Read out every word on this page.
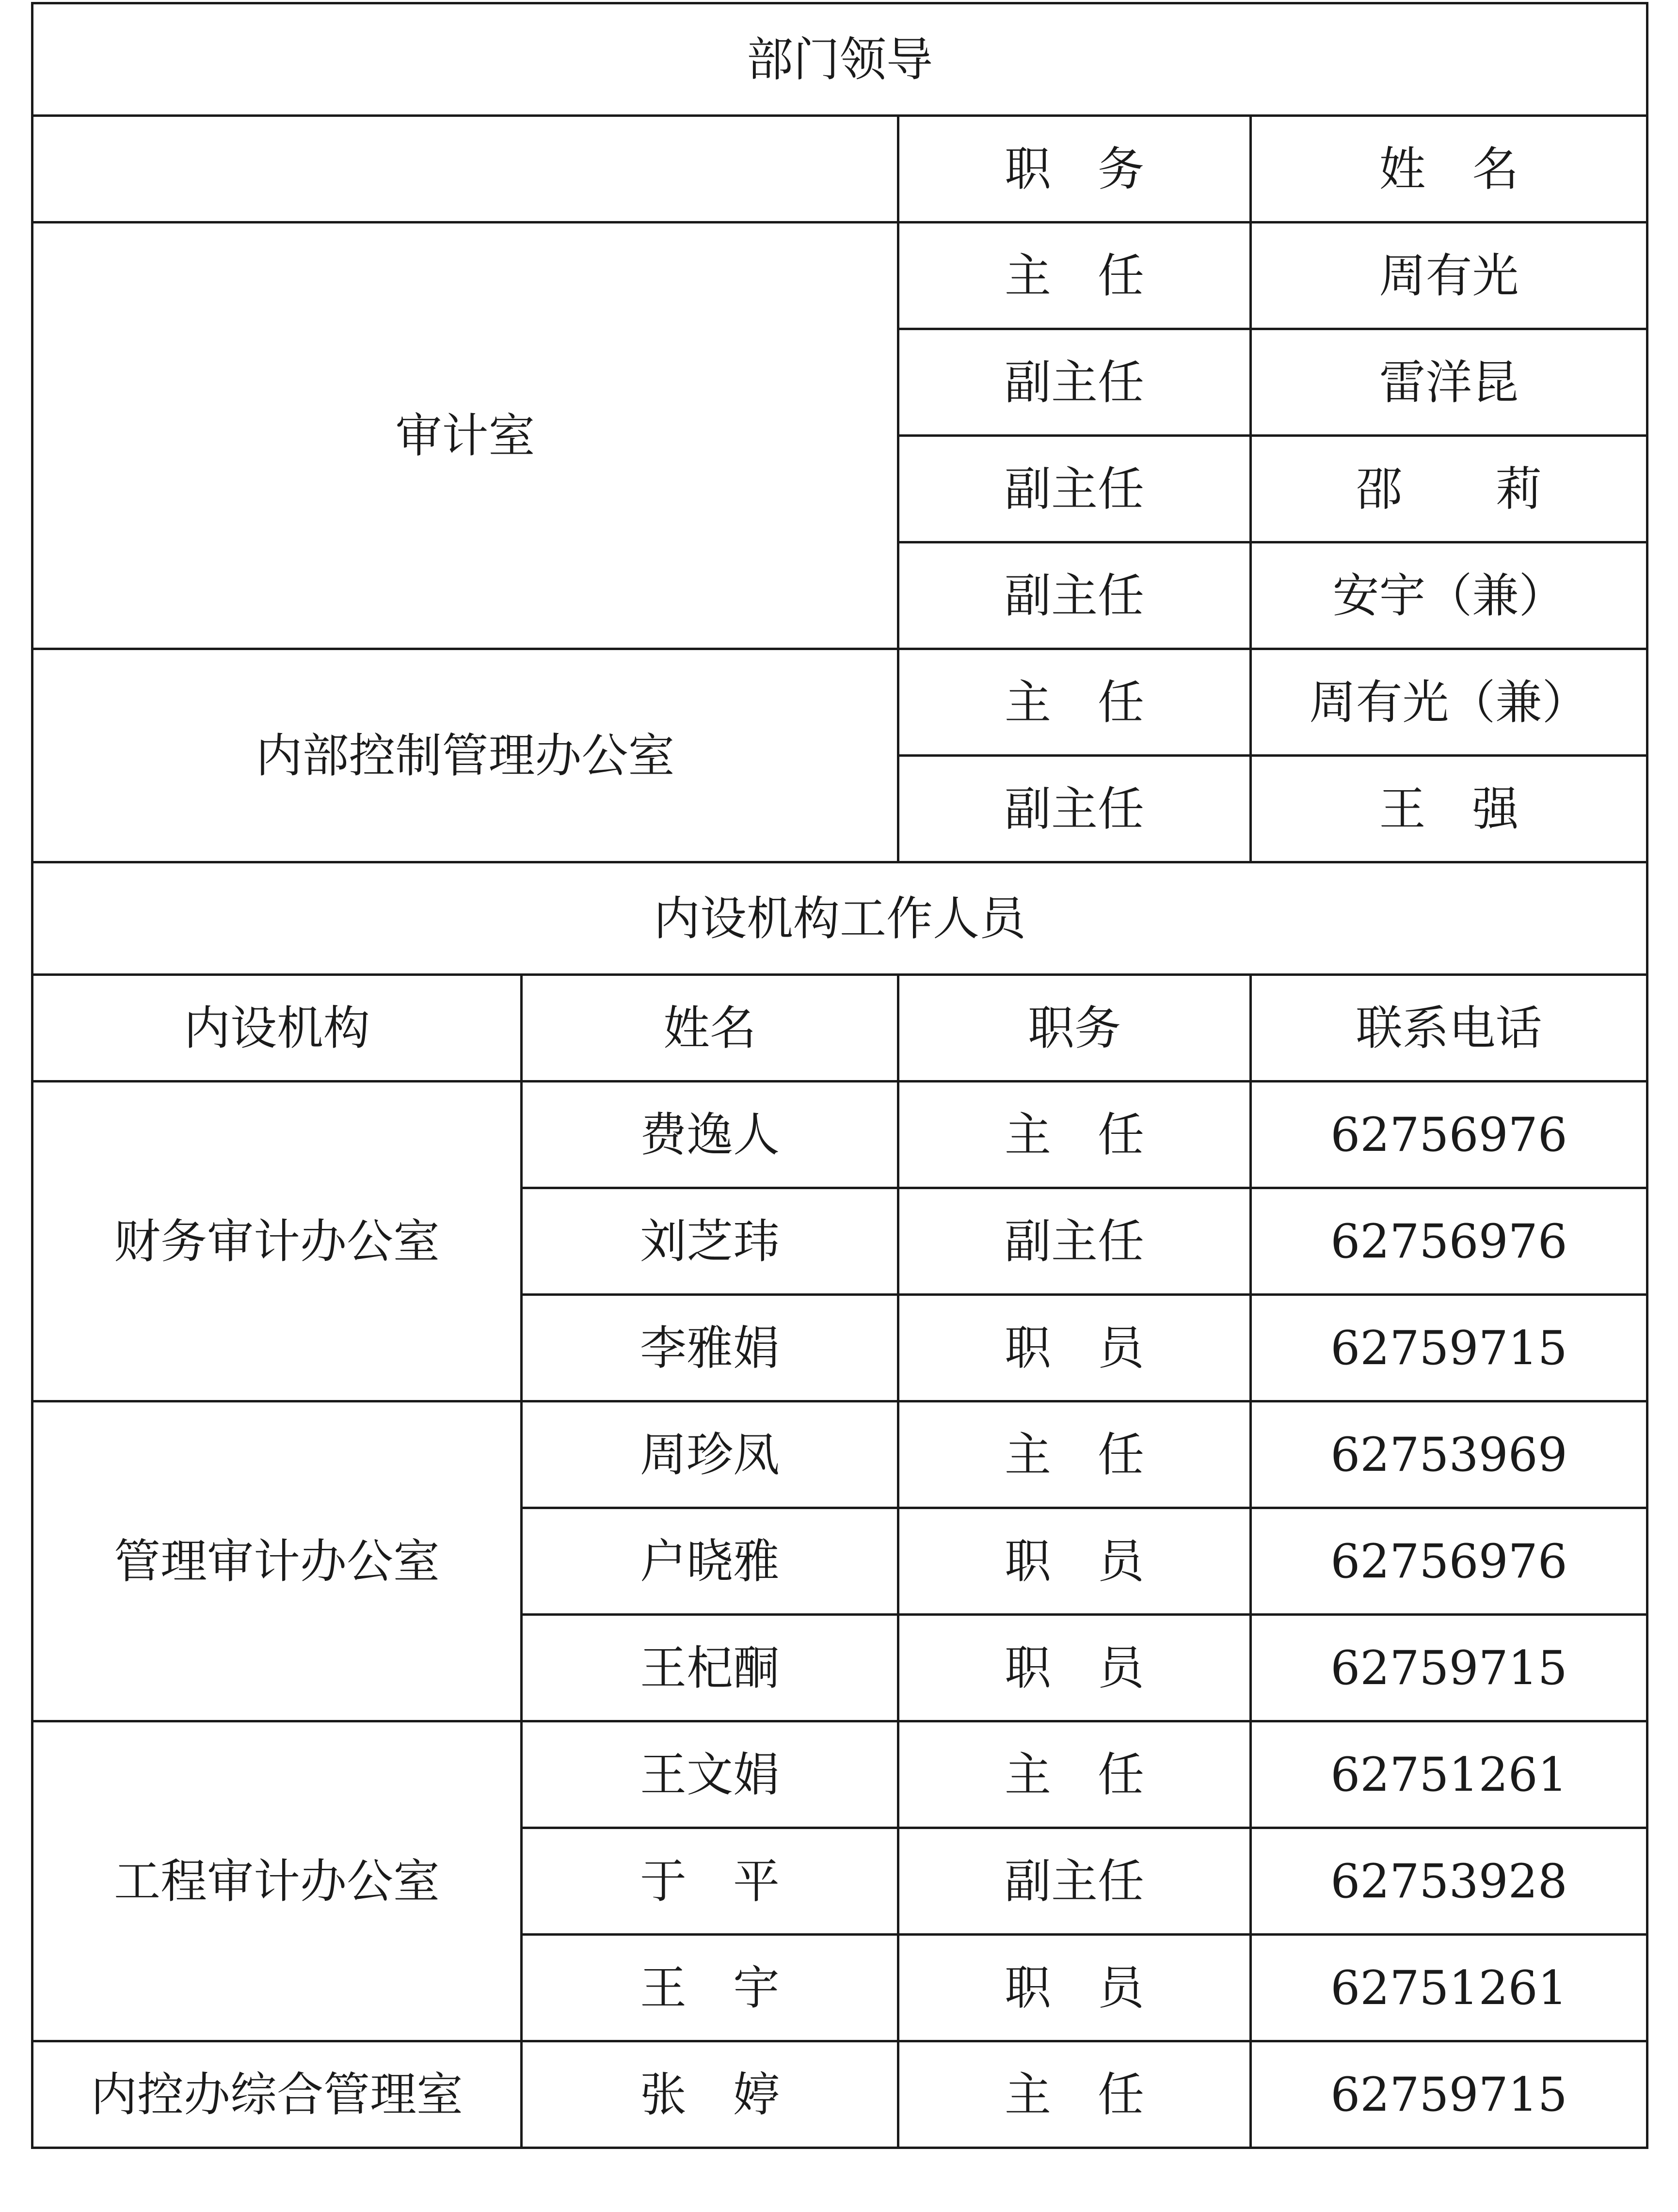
部门领导			
		职　务	姓　名
审计室		主　任	周有光
		副主任	雷洋昆
		副主任	邵　　莉
		副主任	安宇（兼）
内部控制管理办公室		主　任	周有光（兼）
		副主任	王　强
内设机构工作人员			
内设机构	姓名	职务	联系电话
财务审计办公室	费逸人	主　任	62756976
	刘芝玮	副主任	62756976
	李雅娟	职　员	62759715
管理审计办公室	周珍凤	主　任	62753969
	户晓雅	职　员	62756976
	王杞酮	职　员	62759715
工程审计办公室	王文娟	主　任	62751261
	于　平	副主任	62753928
	王　宇	职　员	62751261
内控办综合管理室	张　婷	主　任	62759715
